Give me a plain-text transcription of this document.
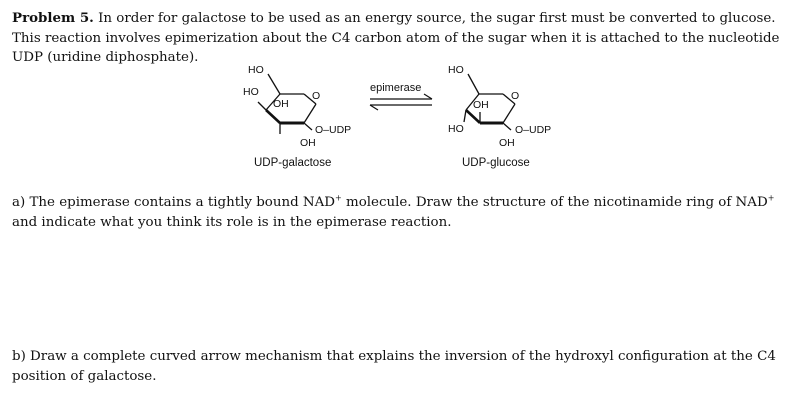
Problem 5. In order for galactose to be used as an energy source, the sugar first must be converted to glucose. This reaction involves epimerization about the C4 carbon atom of the sugar when it is attached to the nucleotide UDP (uridine diphosphate).
HO
HO
OH
O
O–UDP
OH
UDP-galactose
epimerase
HO
OH
O
HO	O–UDP
OH
UDP-glucose
a) The epimerase contains a tightly bound NAD+ molecule. Draw the structure of the nicotinamide ring of NAD+ and indicate what you think its role is in the epimerase reaction.
b) Draw a complete curved arrow mechanism that explains the inversion of the hydroxyl configuration at the C4 position of galactose.
